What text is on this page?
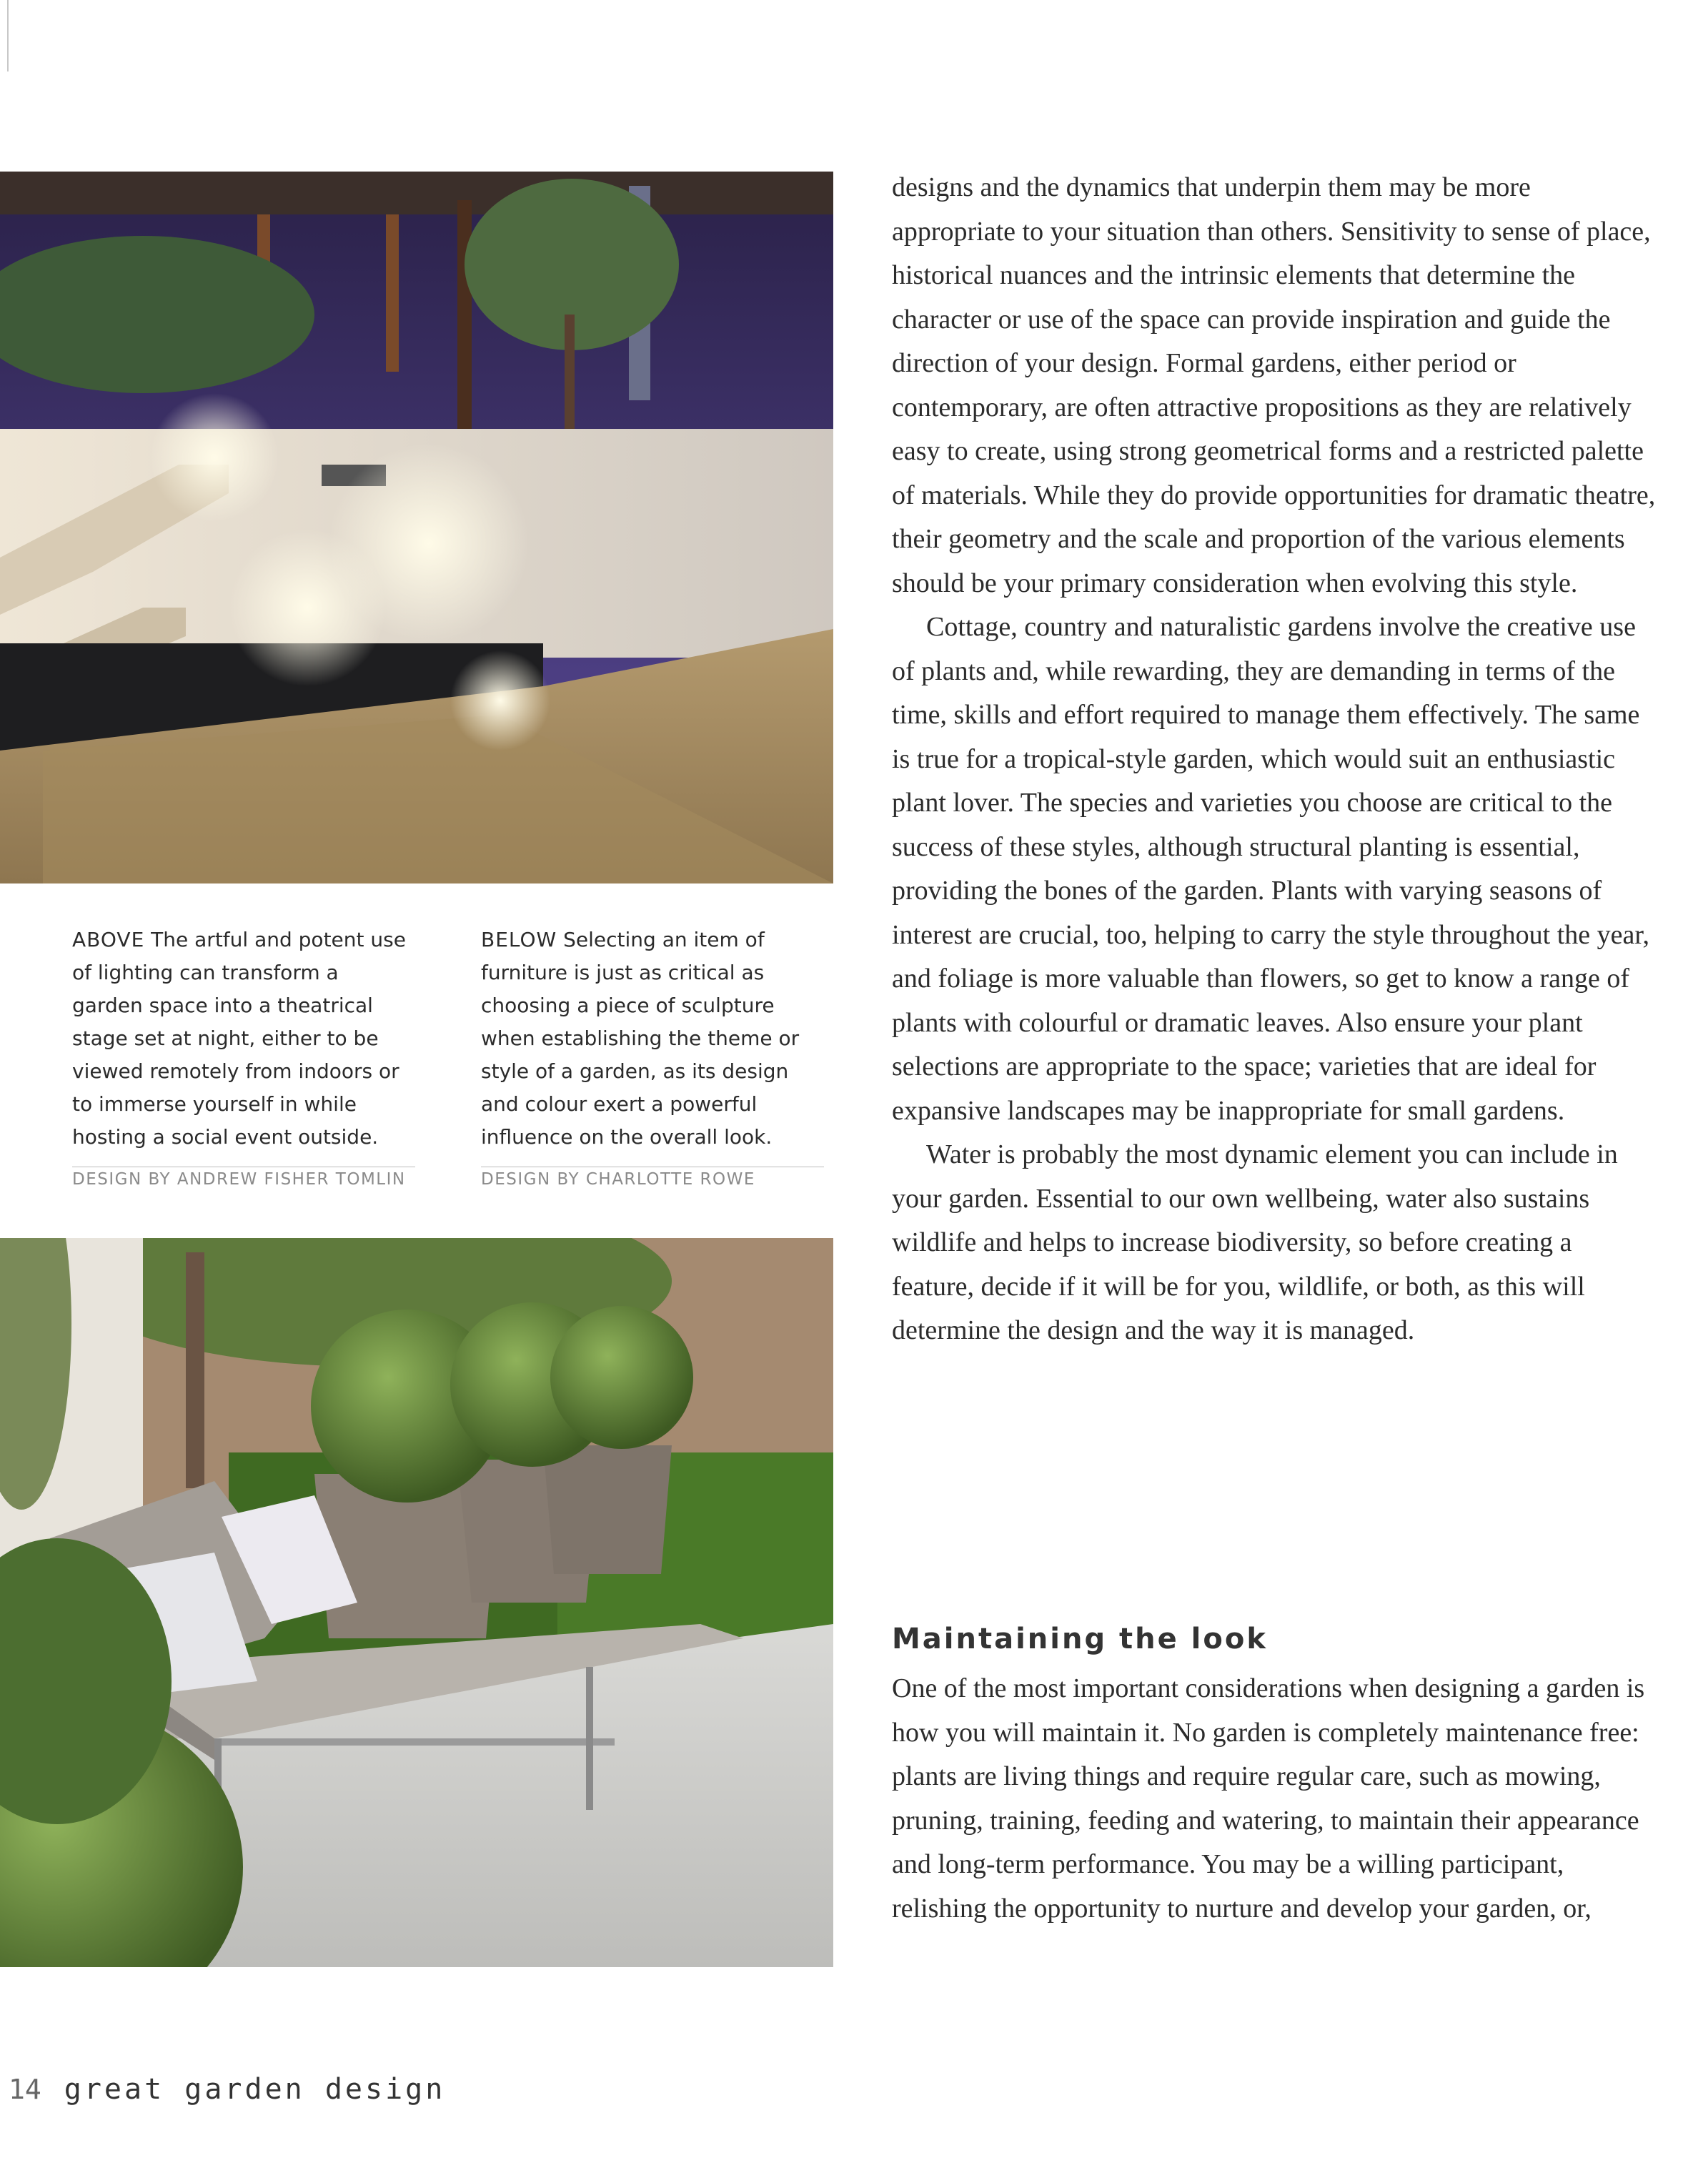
ABOVE The artful and potent use of lighting can transform a garden space into a theatrical stage set at night, either to be viewed remotely from indoors or to immerse yourself in while hosting a social event outside.
DESIGN BY ANDREW FISHER TOMLIN
BELOW Selecting an item of furniture is just as critical as choosing a piece of sculpture when establishing the theme or style of a garden, as its design and colour exert a powerful influence on the overall look.
DESIGN BY CHARLOTTE ROWE

designs and the dynamics that underpin them may be more appropriate to your situation than others. Sensitivity to sense of place, historical nuances and the intrinsic elements that determine the character or use of the space can provide inspiration and guide the direction of your design. Formal gardens, either period or contemporary, are often attractive propositions as they are relatively easy to create, using strong geometrical forms and a restricted palette of materials. While they do provide opportunities for dramatic theatre, their geometry and the scale and proportion of the various elements should be your primary consideration when evolving this style.

Cottage, country and naturalistic gardens involve the creative use of plants and, while rewarding, they are demanding in terms of the time, skills and effort required to manage them effectively. The same is true for a tropical-style garden, which would suit an enthusiastic plant lover. The species and varieties you choose are critical to the success of these styles, although structural planting is essential, providing the bones of the garden. Plants with varying seasons of interest are crucial, too, helping to carry the style throughout the year, and foliage is more valuable than flowers, so get to know a range of plants with colourful or dramatic leaves. Also ensure your plant selections are appropriate to the space; varieties that are ideal for expansive landscapes may be inappropriate for small gardens.

Water is probably the most dynamic element you can include in your garden. Essential to our own wellbeing, water also sustains wildlife and helps to increase biodiversity, so before creating a feature, decide if it will be for you, wildlife, or both, as this will determine the design and the way it is managed.

Maintaining the look

One of the most important considerations when designing a garden is how you will maintain it. No garden is completely maintenance free: plants are living things and require regular care, such as mowing, pruning, training, feeding and watering, to maintain their appearance and long-term performance. You may be a willing participant, relishing the opportunity to nurture and develop your garden, or,

14 great garden design
